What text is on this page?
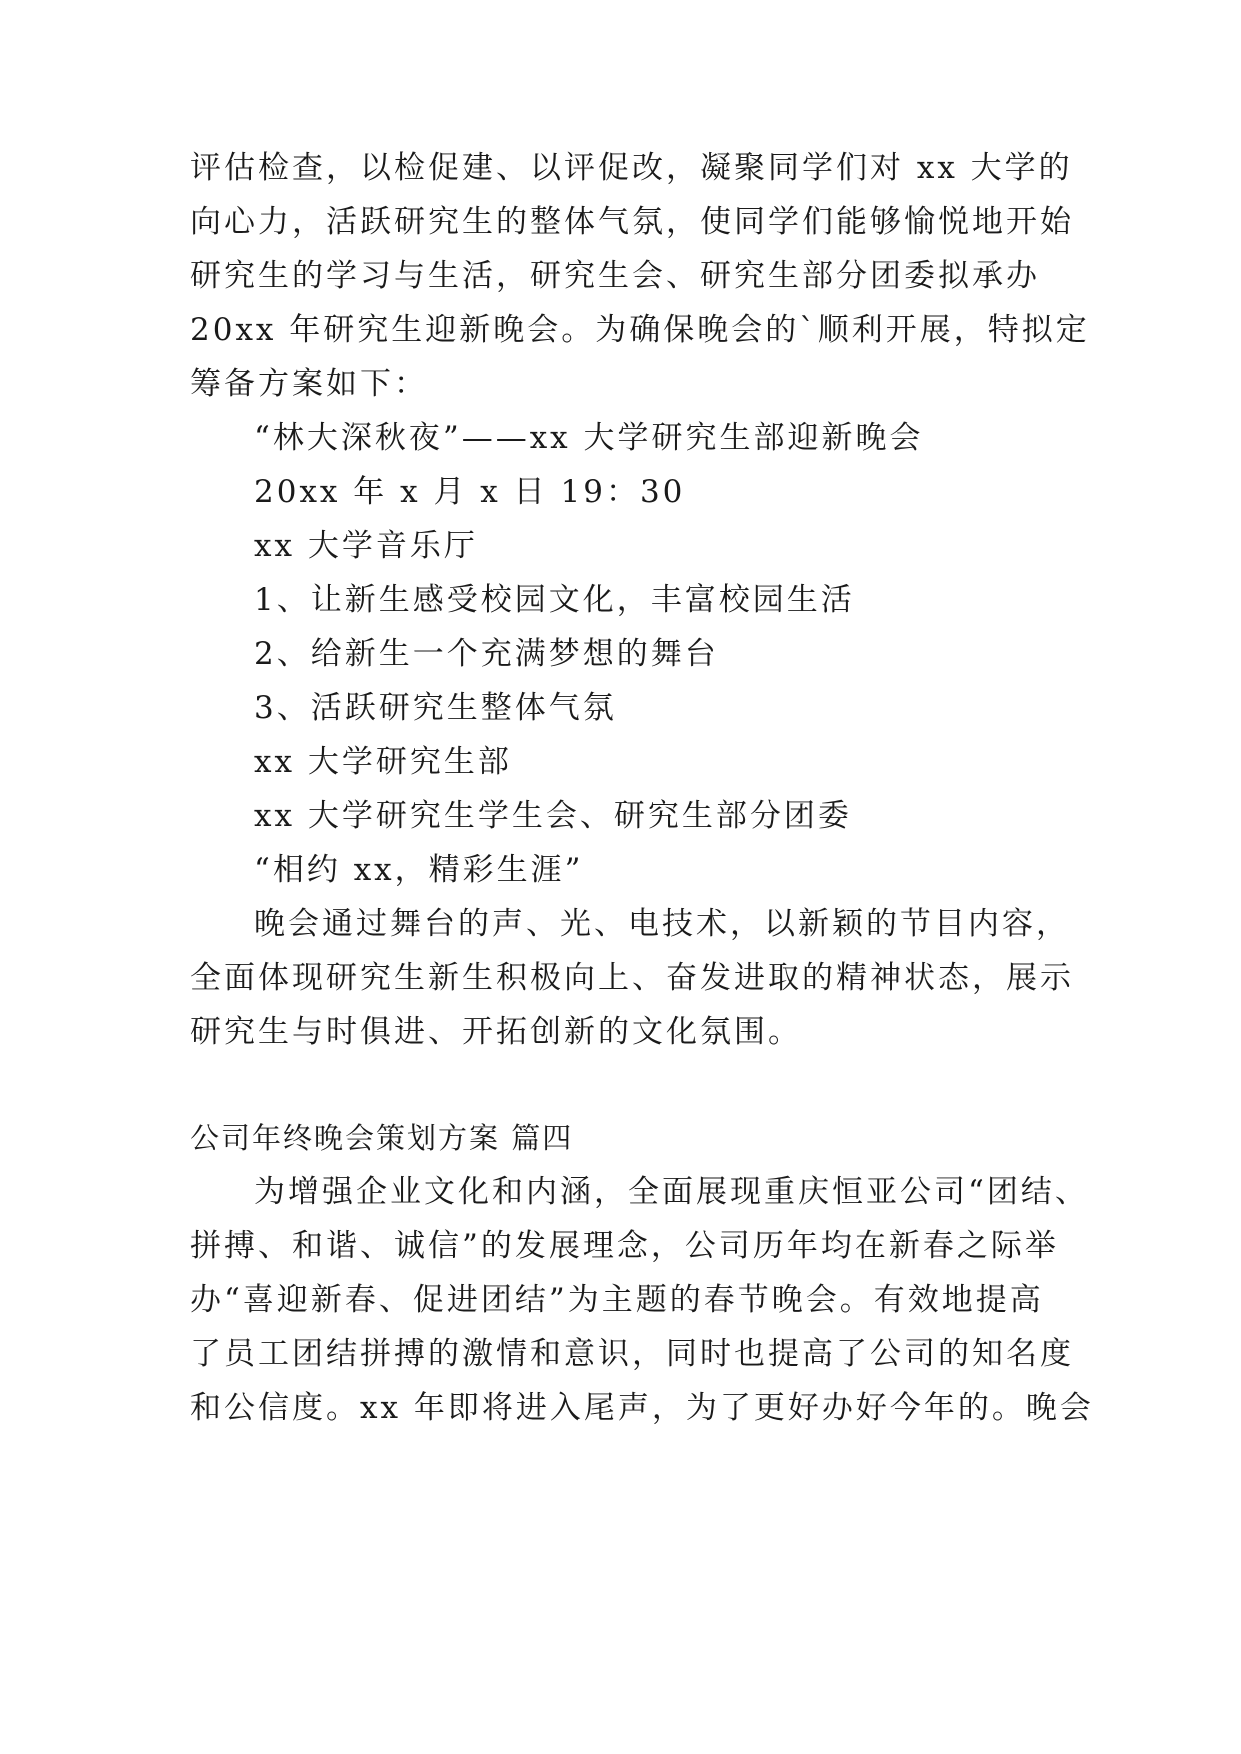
评估检查，以检促建、以评促改，凝聚同学们对 xx 大学的
向心力，活跃研究生的整体气氛，使同学们能够愉悦地开始
研究生的学习与生活，研究生会、研究生部分团委拟承办
20xx 年研究生迎新晚会。为确保晚会的`顺利开展，特拟定
筹备方案如下：
“林大深秋夜”——xx 大学研究生部迎新晚会
20xx 年 x 月 x 日 19：30
xx 大学音乐厅
1、让新生感受校园文化，丰富校园生活
2、给新生一个充满梦想的舞台
3、活跃研究生整体气氛
xx 大学研究生部
xx 大学研究生学生会、研究生部分团委
“相约 xx，精彩生涯”
晚会通过舞台的声、光、电技术，以新颖的节目内容，
全面体现研究生新生积极向上、奋发进取的精神状态，展示
研究生与时俱进、开拓创新的文化氛围。
公司年终晚会策划方案 篇四
为增强企业文化和内涵，全面展现重庆恒亚公司“团结、
拼搏、和谐、诚信”的发展理念，公司历年均在新春之际举
办“喜迎新春、促进团结”为主题的春节晚会。有效地提高
了员工团结拼搏的激情和意识，同时也提高了公司的知名度
和公信度。xx 年即将进入尾声，为了更好办好今年的。晚会
